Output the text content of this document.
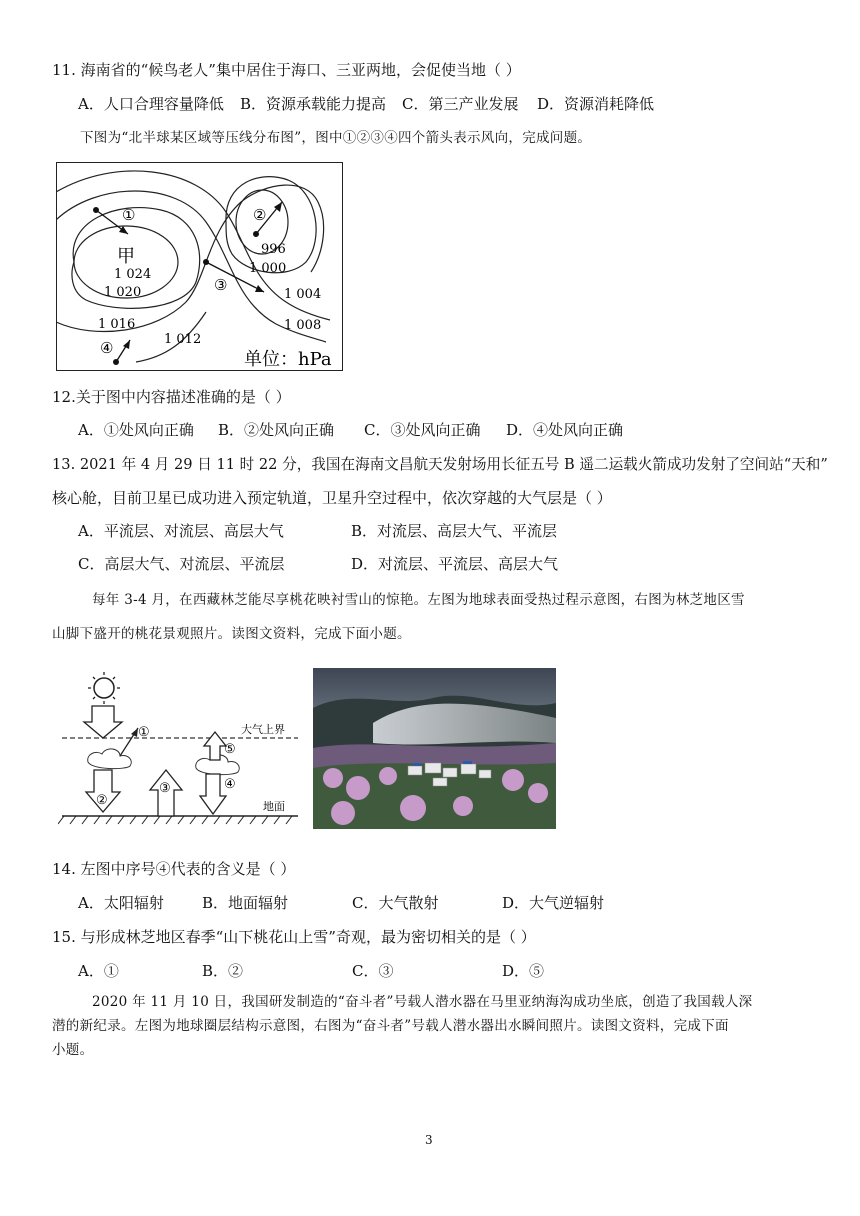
11. 海南省的“候鸟老人”集中居住于海口、三亚两地，会促使当地（ ）
A．人口合理容量降低 B．资源承载能力提高 C．第三产业发展 D．资源消耗降低
下图为“北半球某区域等压线分布图”，图中①②③④四个箭头表示风向，完成问题。
甲
1 024
1 020
1 016
1 012
996
1 000
1 004
1 008
①	②
③
④
单位：hPa
12.关于图中内容描述准确的是（ ）
A．①处风向正确 B．②处风向正确 C．③处风向正确 D．④处风向正确
13. 2021 年 4 月 29 日 11 时 22 分，我国在海南文昌航天发射场用长征五号 B 遥二运载火箭成功发射了空间站“天和”
核心舱，目前卫星已成功进入预定轨道，卫星升空过程中，依次穿越的大气层是（ ）
A．平流层、对流层、高层大气	B．对流层、高层大气、平流层
C．高层大气、对流层、平流层	D．对流层、平流层、高层大气
每年 3-4 月，在西藏林芝能尽享桃花映衬雪山的惊艳。左图为地球表面受热过程示意图，右图为林芝地区雪
山脚下盛开的桃花景观照片。读图文资料，完成下面小题。
大气上界
地面
①
②
③
⑤
④
14. 左图中序号④代表的含义是（ ）
A．太阳辐射	B．地面辐射	C．大气散射	D．大气逆辐射
15. 与形成林芝地区春季“山下桃花山上雪”奇观，最为密切相关的是（ ）
A．①	B．②	C．③	D．⑤
2020 年 11 月 10 日，我国研发制造的“奋斗者”号载人潜水器在马里亚纳海沟成功坐底，创造了我国载人深
潜的新纪录。左图为地球圈层结构示意图，右图为“奋斗者”号载人潜水器出水瞬间照片。读图文资料，完成下面
小题。
3
